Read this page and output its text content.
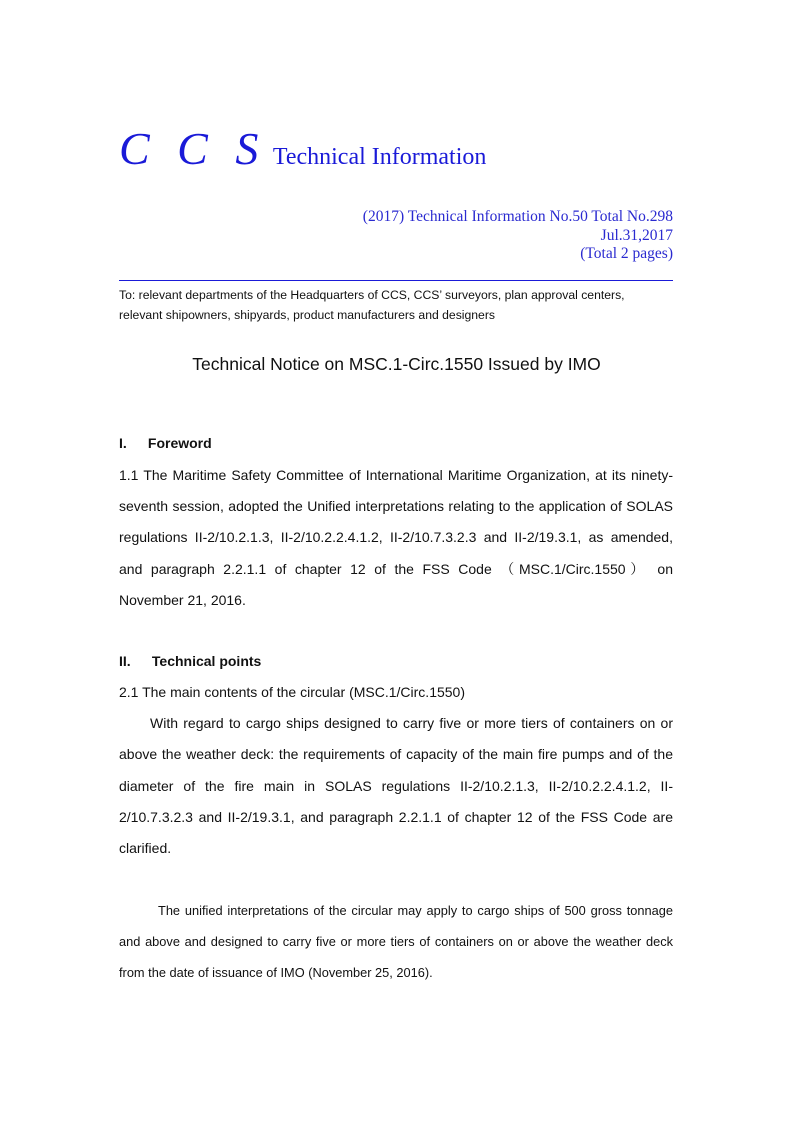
C C S Technical Information
(2017) Technical Information No.50 Total No.298
Jul.31,2017
(Total 2 pages)
To: relevant departments of the Headquarters of CCS, CCS’ surveyors, plan approval centers,
relevant shipowners, shipyards, product manufacturers and designers
Technical Notice on MSC.1-Circ.1550 Issued by IMO
I. Foreword

1.1 The Maritime Safety Committee of International Maritime Organization, at its ninety-seventh session, adopted the Unified interpretations relating to the application of SOLAS regulations II-2/10.2.1.3, II-2/10.2.2.4.1.2, II-2/10.7.3.2.3 and II-2/19.3.1, as amended, and paragraph 2.2.1.1 of chapter 12 of the FSS Code （MSC.1/Circ.1550） on November 21, 2016.

II. Technical points

2.1 The main contents of the circular (MSC.1/Circ.1550)

With regard to cargo ships designed to carry five or more tiers of containers on or above the weather deck: the requirements of capacity of the main fire pumps and of the diameter of the fire main in SOLAS regulations II-2/10.2.1.3, II-2/10.2.2.4.1.2, II-2/10.7.3.2.3 and II-2/19.3.1, and paragraph 2.2.1.1 of chapter 12 of the FSS Code are clarified.

The unified interpretations of the circular may apply to cargo ships of 500 gross tonnage and above and designed to carry five or more tiers of containers on or above the weather deck from the date of issuance of IMO (November 25, 2016).
